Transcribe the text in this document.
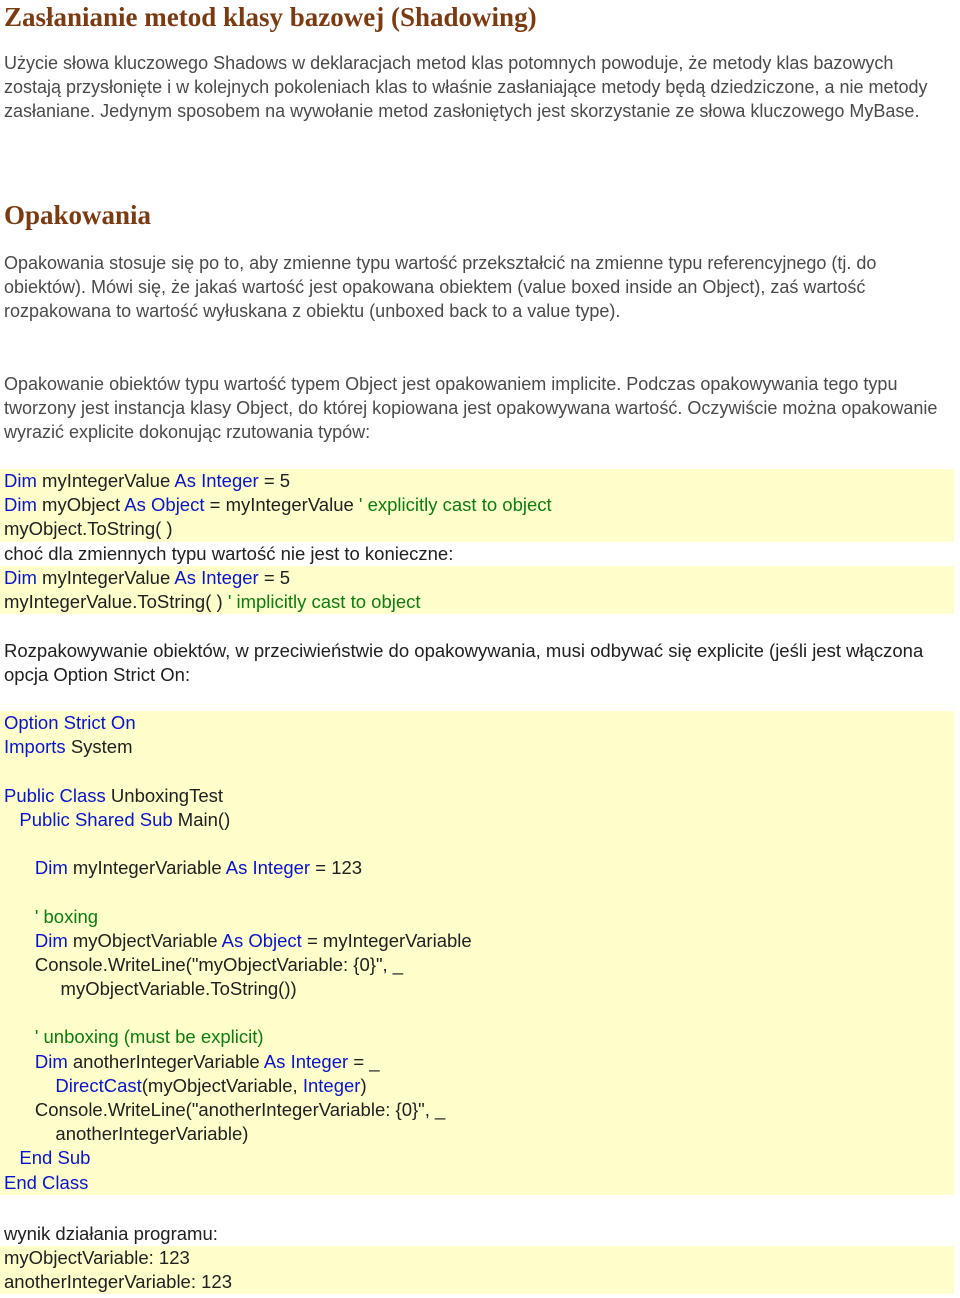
Zasłanianie metod klasy bazowej (Shadowing)
Użycie słowa kluczowego Shadows w deklaracjach metod klas potomnych powoduje, że metody klas bazowych zostają przysłonięte i w kolejnych pokoleniach klas to właśnie zasłaniające metody będą dziedziczone, a nie metody zasłaniane. Jedynym sposobem na wywołanie metod zasłoniętych jest skorzystanie ze słowa kluczowego MyBase.
Opakowania
Opakowania stosuje się po to, aby zmienne typu wartość przekształcić na zmienne typu referencyjnego (tj. do obiektów). Mówi się, że jakaś wartość jest opakowana obiektem (value boxed inside an Object), zaś wartość rozpakowana to wartość wyłuskana z obiektu (unboxed back to a value type).
Opakowanie obiektów typu wartość typem Object jest opakowaniem implicite. Podczas opakowywania tego typu tworzony jest instancja klasy Object, do której kopiowana jest opakowywana wartość. Oczywiście można opakowanie wyrazić explicite dokonując rzutowania typów:
Dim myIntegerValue As Integer = 5
Dim myObject As Object = myIntegerValue ' explicitly cast to object
myObject.ToString( )
choć dla zmiennych typu wartość nie jest to konieczne:
Dim myIntegerValue As Integer = 5
myIntegerValue.ToString( ) ' implicitly cast to object
Rozpakowywanie obiektów, w przeciwieństwie do opakowywania, musi odbywać się explicite (jeśli jest włączona opcja Option Strict On:
Option Strict On
Imports System
Public Class UnboxingTest
Public Shared Sub Main()
Dim myIntegerVariable As Integer = 123
' boxing
Dim myObjectVariable As Object = myIntegerVariable
Console.WriteLine("myObjectVariable: {0}", _
myObjectVariable.ToString())
' unboxing (must be explicit)
Dim anotherIntegerVariable As Integer = _
DirectCast(myObjectVariable, Integer)
Console.WriteLine("anotherIntegerVariable: {0}", _
anotherIntegerVariable)
End Sub
End Class
wynik działania programu:
myObjectVariable: 123
anotherIntegerVariable: 123
